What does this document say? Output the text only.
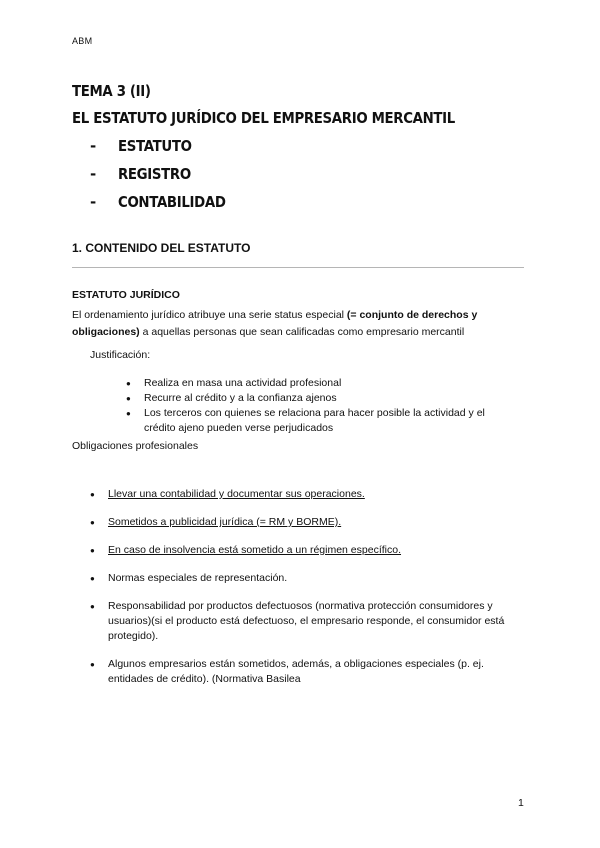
ABM
TEMA 3 (II)
EL ESTATUTO JURÍDICO DEL EMPRESARIO MERCANTIL
-	ESTATUTO
-	REGISTRO
-	CONTABILIDAD
1. CONTENIDO DEL ESTATUTO
ESTATUTO JURÍDICO
El ordenamiento jurídico atribuye una serie status especial (= conjunto de derechos y obligaciones) a aquellas personas que sean calificadas como empresario mercantil
Justificación:
● Realiza en masa una actividad profesional
● Recurre al crédito y a la confianza ajenos
● Los terceros con quienes se relaciona para hacer posible la actividad y el crédito ajeno pueden verse perjudicados
Obligaciones profesionales
● Llevar una contabilidad y documentar sus operaciones.
● Sometidos a publicidad jurídica (= RM y BORME).
● En caso de insolvencia está sometido a un régimen específico.
● Normas especiales de representación.
● Responsabilidad por productos defectuosos (normativa protección consumidores y usuarios)(si el producto está defectuoso, el empresario responde, el consumidor está protegido).
● Algunos empresarios están sometidos, además, a obligaciones especiales (p. ej. entidades de crédito). (Normativa Basilea
1
